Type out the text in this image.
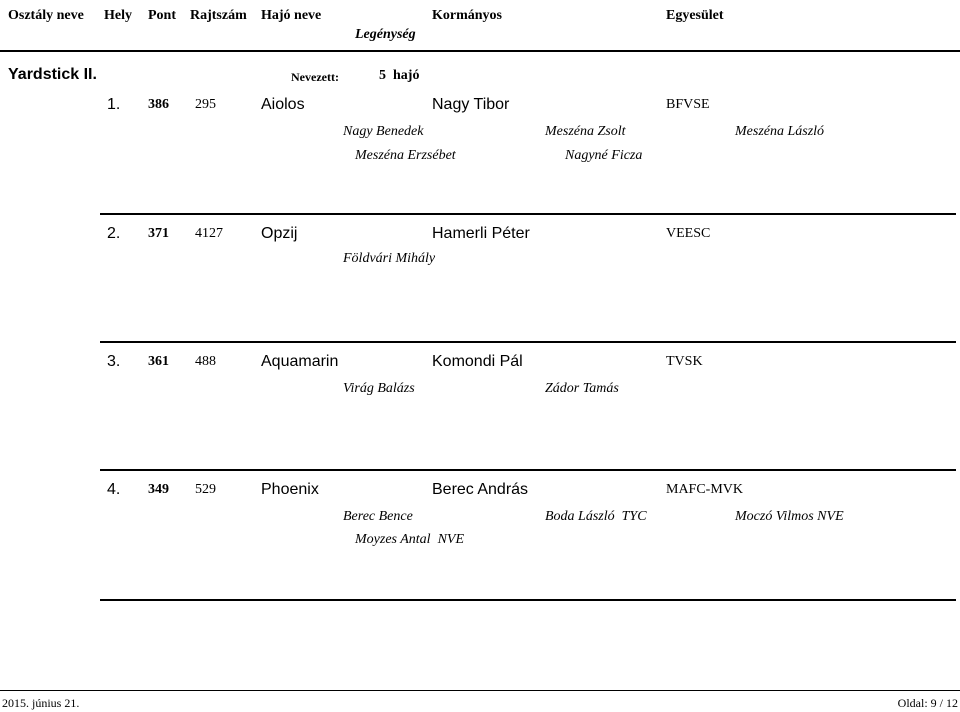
Osztály neve Hely Pont Rajtszám Hajó neve	Kormányos	Egyesület
Legénység
Yardstick II.	Nevezett:	5 hajó
1. 386 295	Aiolos	Nagy Tibor	BFVSE
Nagy Benedek	Meszéna Zsolt	Meszéna László
Meszéna Erzsébet	Nagyné Ficza
2. 371 4127 Opzij	Hamerli Péter	VEESC
Földvári Mihály
3. 361 488	Aquamarin	Komondi Pál	TVSK
Virág Balázs	Zádor Tamás
4. 349 529	Phoenix	Berec András	MAFC-MVK
Berec Bence	Boda László  TYC	Moczó Vilmos NVE
Moyzes Antal  NVE
2015. június 21.	Oldal: 9 / 12
